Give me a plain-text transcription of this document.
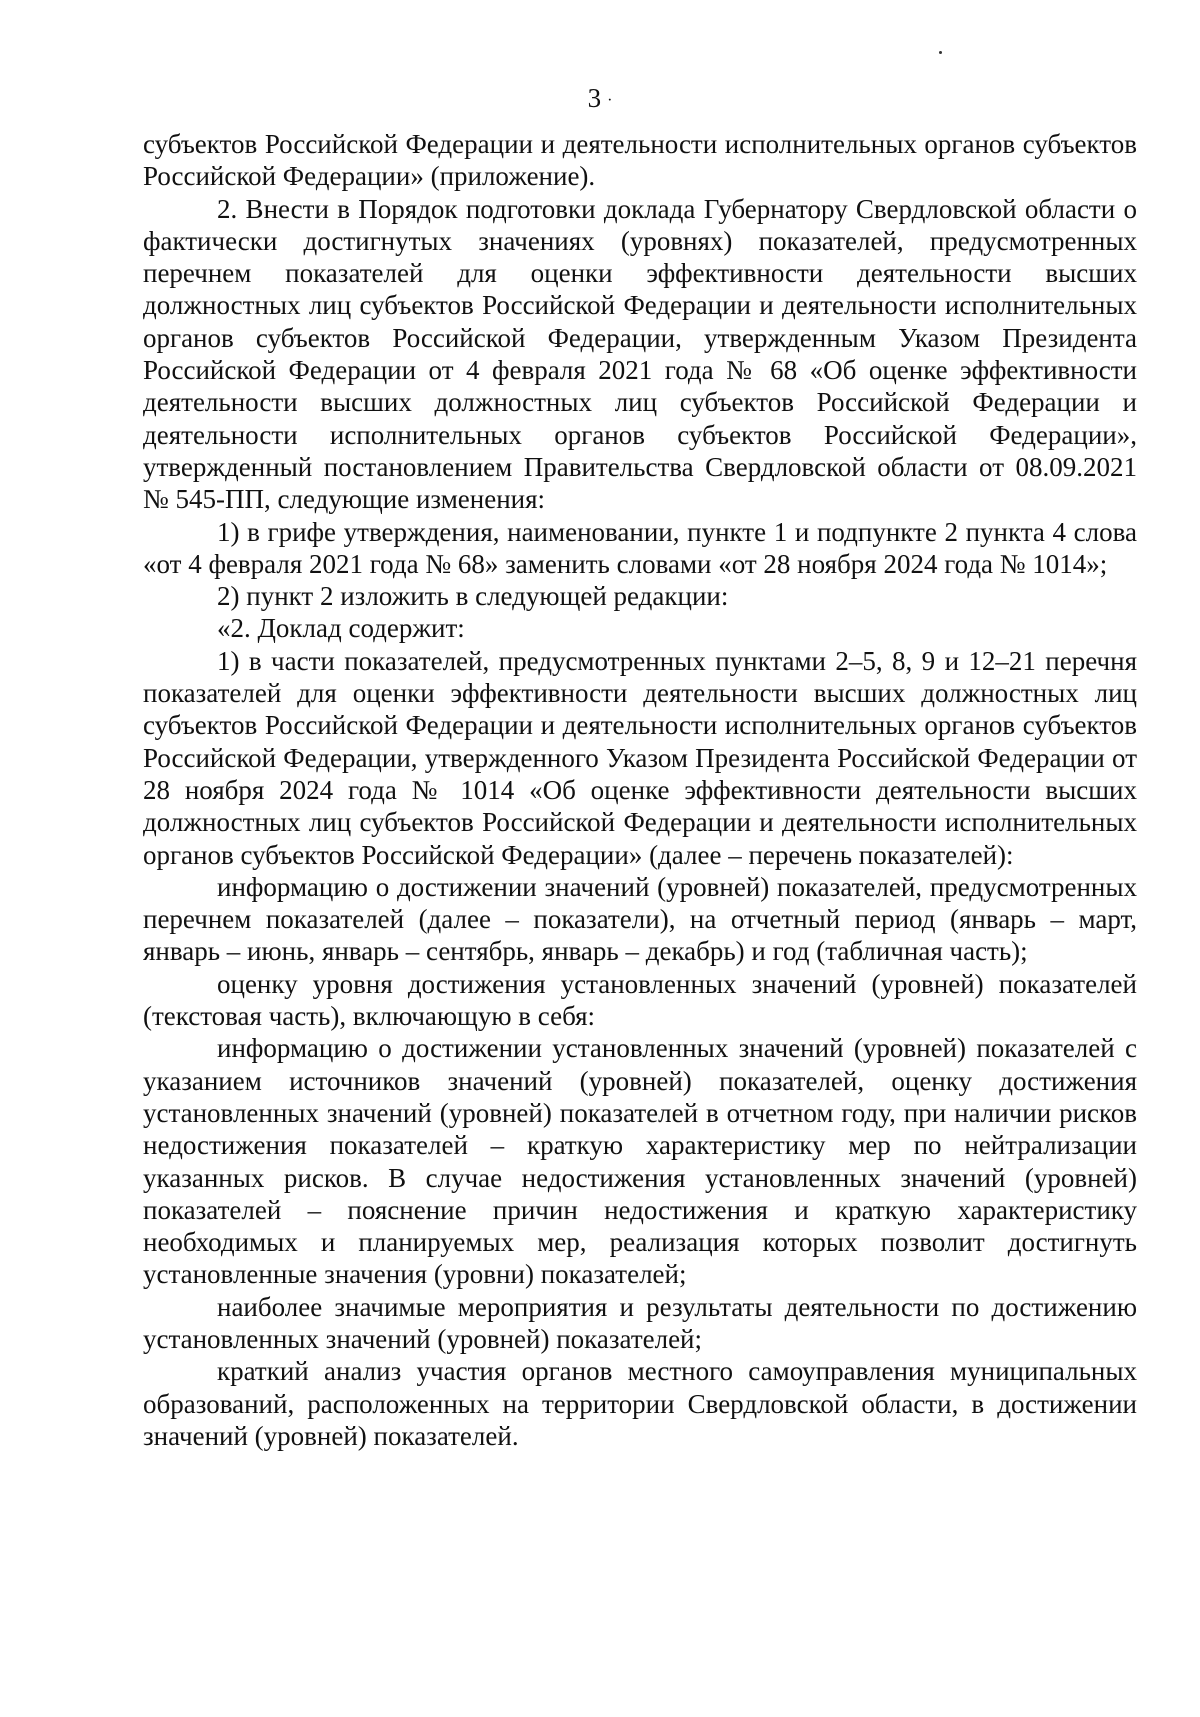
3 ·

субъектов Российской Федерации и деятельности исполнительных органов субъектов Российской Федерации» (приложение).

2. Внести в Порядок подготовки доклада Губернатору Свердловской области о фактически достигнутых значениях (уровнях) показателей, предусмотренных перечнем показателей для оценки эффективности деятельности высших должностных лиц субъектов Российской Федерации и деятельности исполнительных органов субъектов Российской Федерации, утвержденным Указом Президента Российской Федерации от 4 февраля 2021 года № 68 «Об оценке эффективности деятельности высших должностных лиц субъектов Российской Федерации и деятельности исполнительных органов субъектов Российской Федерации», утвержденный постановлением Правительства Свердловской области от 08.09.2021 № 545-ПП, следующие изменения:

1) в грифе утверждения, наименовании, пункте 1 и подпункте 2 пункта 4 слова «от 4 февраля 2021 года № 68» заменить словами «от 28 ноября 2024 года № 1014»;

2) пункт 2 изложить в следующей редакции:

«2. Доклад содержит:

1) в части показателей, предусмотренных пунктами 2–5, 8, 9 и 12–21 перечня показателей для оценки эффективности деятельности высших должностных лиц субъектов Российской Федерации и деятельности исполнительных органов субъектов Российской Федерации, утвержденного Указом Президента Российской Федерации от 28 ноября 2024 года № 1014 «Об оценке эффективности деятельности высших должностных лиц субъектов Российской Федерации и деятельности исполнительных органов субъектов Российской Федерации» (далее – перечень показателей):

информацию о достижении значений (уровней) показателей, предусмотренных перечнем показателей (далее – показатели), на отчетный период (январь – март, январь – июнь, январь – сентябрь, январь – декабрь) и год (табличная часть);

оценку уровня достижения установленных значений (уровней) показателей (текстовая часть), включающую в себя:

информацию о достижении установленных значений (уровней) показателей с указанием источников значений (уровней) показателей, оценку достижения установленных значений (уровней) показателей в отчетном году, при наличии рисков недостижения показателей – краткую характеристику мер по нейтрализации указанных рисков. В случае недостижения установленных значений (уровней) показателей – пояснение причин недостижения и краткую характеристику необходимых и планируемых мер, реализация которых позволит достигнуть установленные значения (уровни) показателей;

наиболее значимые мероприятия и результаты деятельности по достижению установленных значений (уровней) показателей;

краткий анализ участия органов местного самоуправления муниципальных образований, расположенных на территории Свердловской области, в достижении значений (уровней) показателей.
